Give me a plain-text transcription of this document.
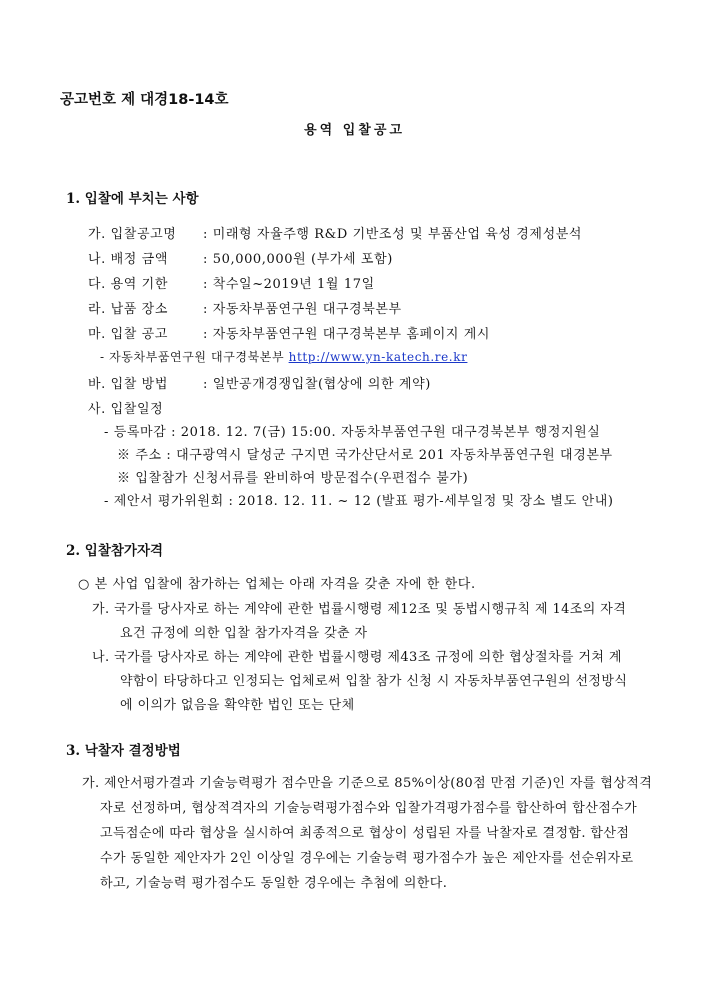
공고번호 제 대경18-14호
용역 입찰공고
1. 입찰에 부치는 사항
가. 입찰공고명 : 미래형 자율주행 R&D 기반조성 및 부품산업 육성 경제성분석
나. 배정 금액	: 50,000,000원 (부가세 포함)
다. 용역 기한	: 착수일~2019년 1월 17일
라. 납품 장소	: 자동차부품연구원 대구경북본부
마. 입찰 공고	: 자동차부품연구원 대구경북본부 홈페이지 게시
- 자동차부품연구원 대구경북본부 http://www.yn-katech.re.kr
바. 입찰 방법	: 일반공개경쟁입찰(협상에 의한 계약)
사. 입찰일정
- 등록마감 : 2018. 12. 7(금) 15:00. 자동차부품연구원 대구경북본부 행정지원실
※ 주소 : 대구광역시 달성군 구지면 국가산단서로 201 자동차부품연구원 대경본부
※ 입찰참가 신청서류를 완비하여 방문접수(우편접수 불가)
- 제안서 평가위원회 : 2018. 12. 11. ~ 12 (발표 평가-세부일정 및 장소 별도 안내)
2. 입찰참가자격
○ 본 사업 입찰에 참가하는 업체는 아래 자격을 갖춘 자에 한 한다.
가. 국가를 당사자로 하는 계약에 관한 법률시행령 제12조 및 동법시행규칙 제 14조의 자격
요건 규정에 의한 입찰 참가자격을 갖춘 자
나. 국가를 당사자로 하는 계약에 관한 법률시행령 제43조 규정에 의한 협상절차를 거쳐 계
약함이 타당하다고 인정되는 업체로써 입찰 참가 신청 시 자동차부품연구원의 선정방식
에 이의가 없음을 확약한 법인 또는 단체
3. 낙찰자 결정방법
가. 제안서평가결과 기술능력평가 점수만을 기준으로 85%이상(80점 만점 기준)인 자를 협상적격
자로 선정하며, 협상적격자의 기술능력평가점수와 입찰가격평가점수를 합산하여 합산점수가
고득점순에 따라 협상을 실시하여 최종적으로 협상이 성립된 자를 낙찰자로 결정함. 합산점
수가 동일한 제안자가 2인 이상일 경우에는 기술능력 평가점수가 높은 제안자를 선순위자로
하고, 기술능력 평가점수도 동일한 경우에는 추첨에 의한다.
